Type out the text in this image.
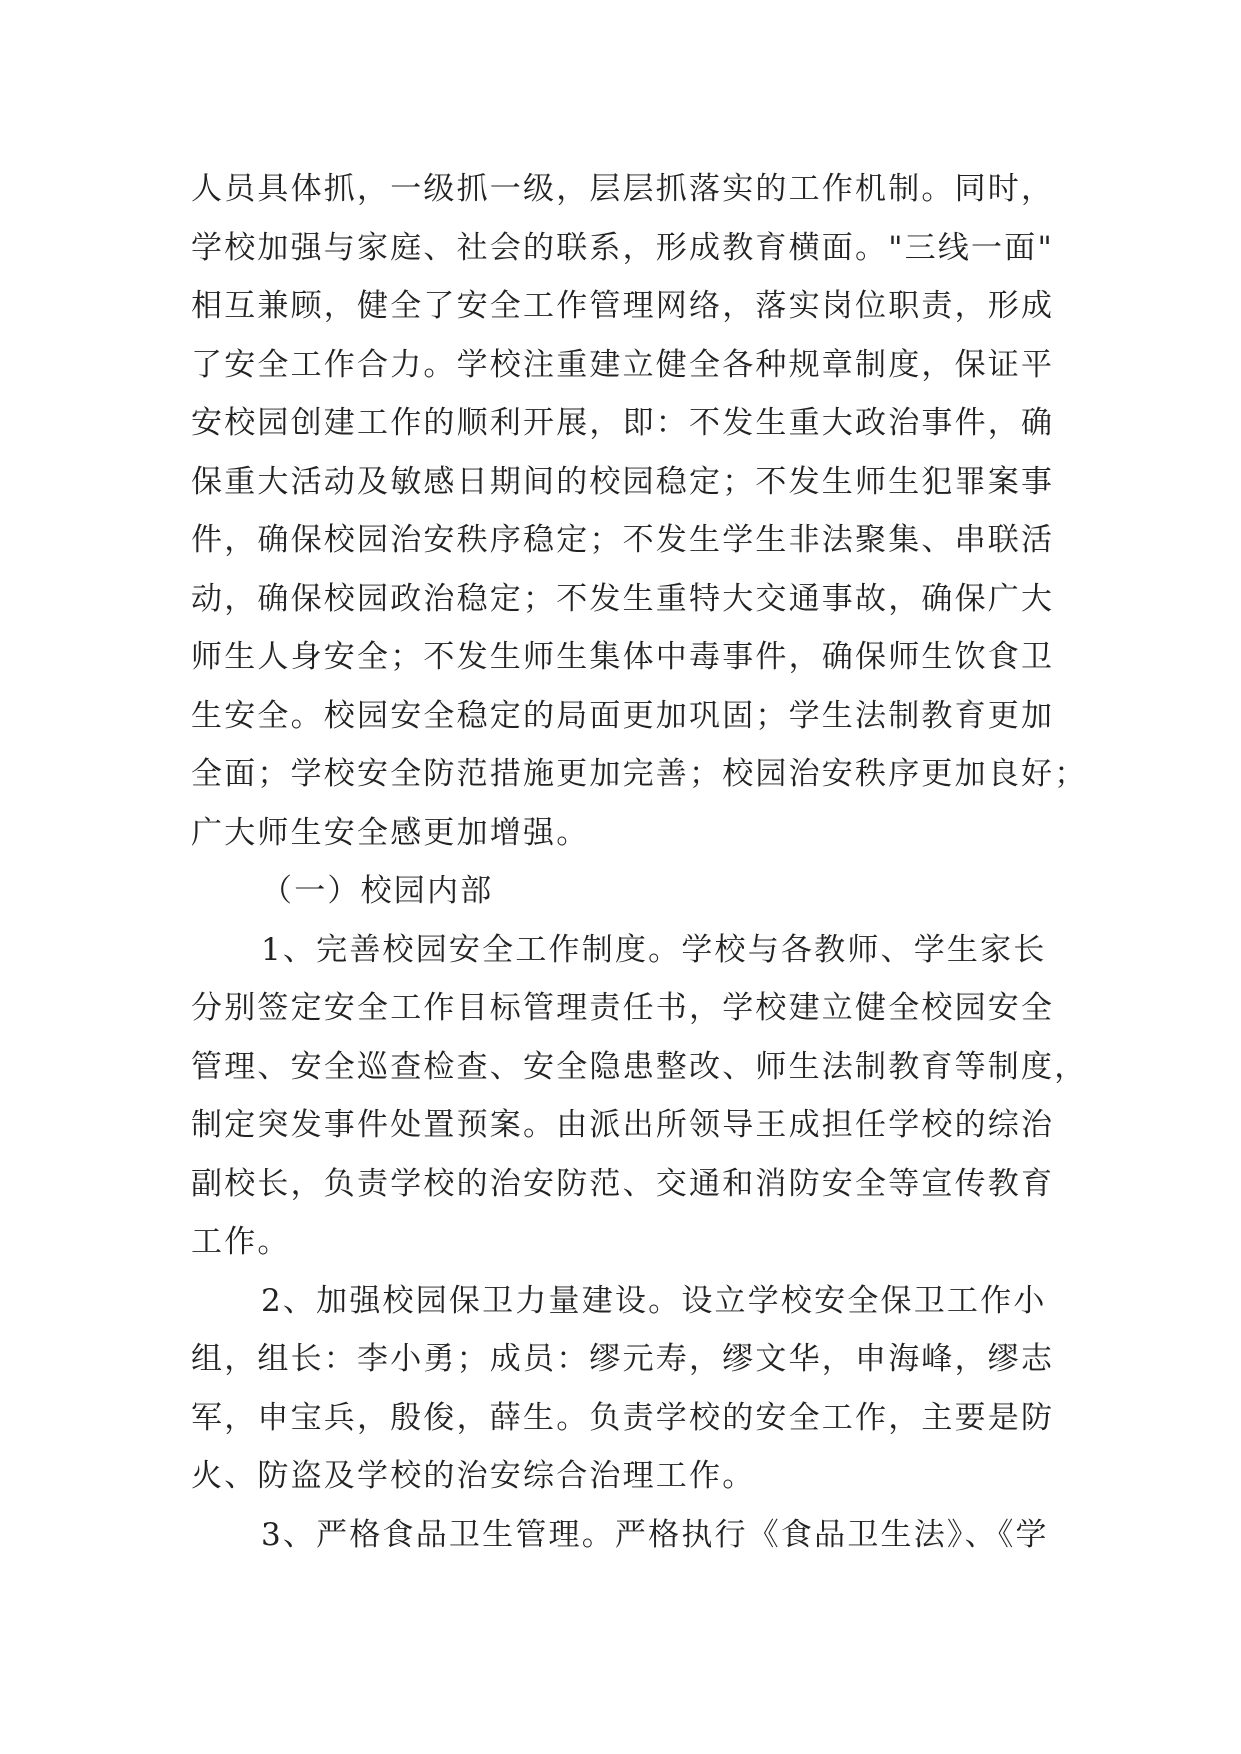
人员具体抓，一级抓一级，层层抓落实的工作机制。同时，
学校加强与家庭、社会的联系，形成教育横面。"三线一面"
相互兼顾，健全了安全工作管理网络，落实岗位职责，形成
了安全工作合力。学校注重建立健全各种规章制度，保证平
安校园创建工作的顺利开展，即：不发生重大政治事件，确
保重大活动及敏感日期间的校园稳定；不发生师生犯罪案事
件，确保校园治安秩序稳定；不发生学生非法聚集、串联活
动，确保校园政治稳定；不发生重特大交通事故，确保广大
师生人身安全；不发生师生集体中毒事件，确保师生饮食卫
生安全。校园安全稳定的局面更加巩固；学生法制教育更加
全面；学校安全防范措施更加完善；校园治安秩序更加良好；
广大师生安全感更加增强。
（一）校园内部
1、完善校园安全工作制度。学校与各教师、学生家长
分别签定安全工作目标管理责任书，学校建立健全校园安全
管理、安全巡查检查、安全隐患整改、师生法制教育等制度，
制定突发事件处置预案。由派出所领导王成担任学校的综治
副校长，负责学校的治安防范、交通和消防安全等宣传教育
工作。
2、加强校园保卫力量建设。设立学校安全保卫工作小
组，组长：李小勇；成员：缪元寿，缪文华，申海峰，缪志
军，申宝兵，殷俊，薛生。负责学校的安全工作，主要是防
火、防盗及学校的治安综合治理工作。
3、严格食品卫生管理。严格执行《食品卫生法》、《学
